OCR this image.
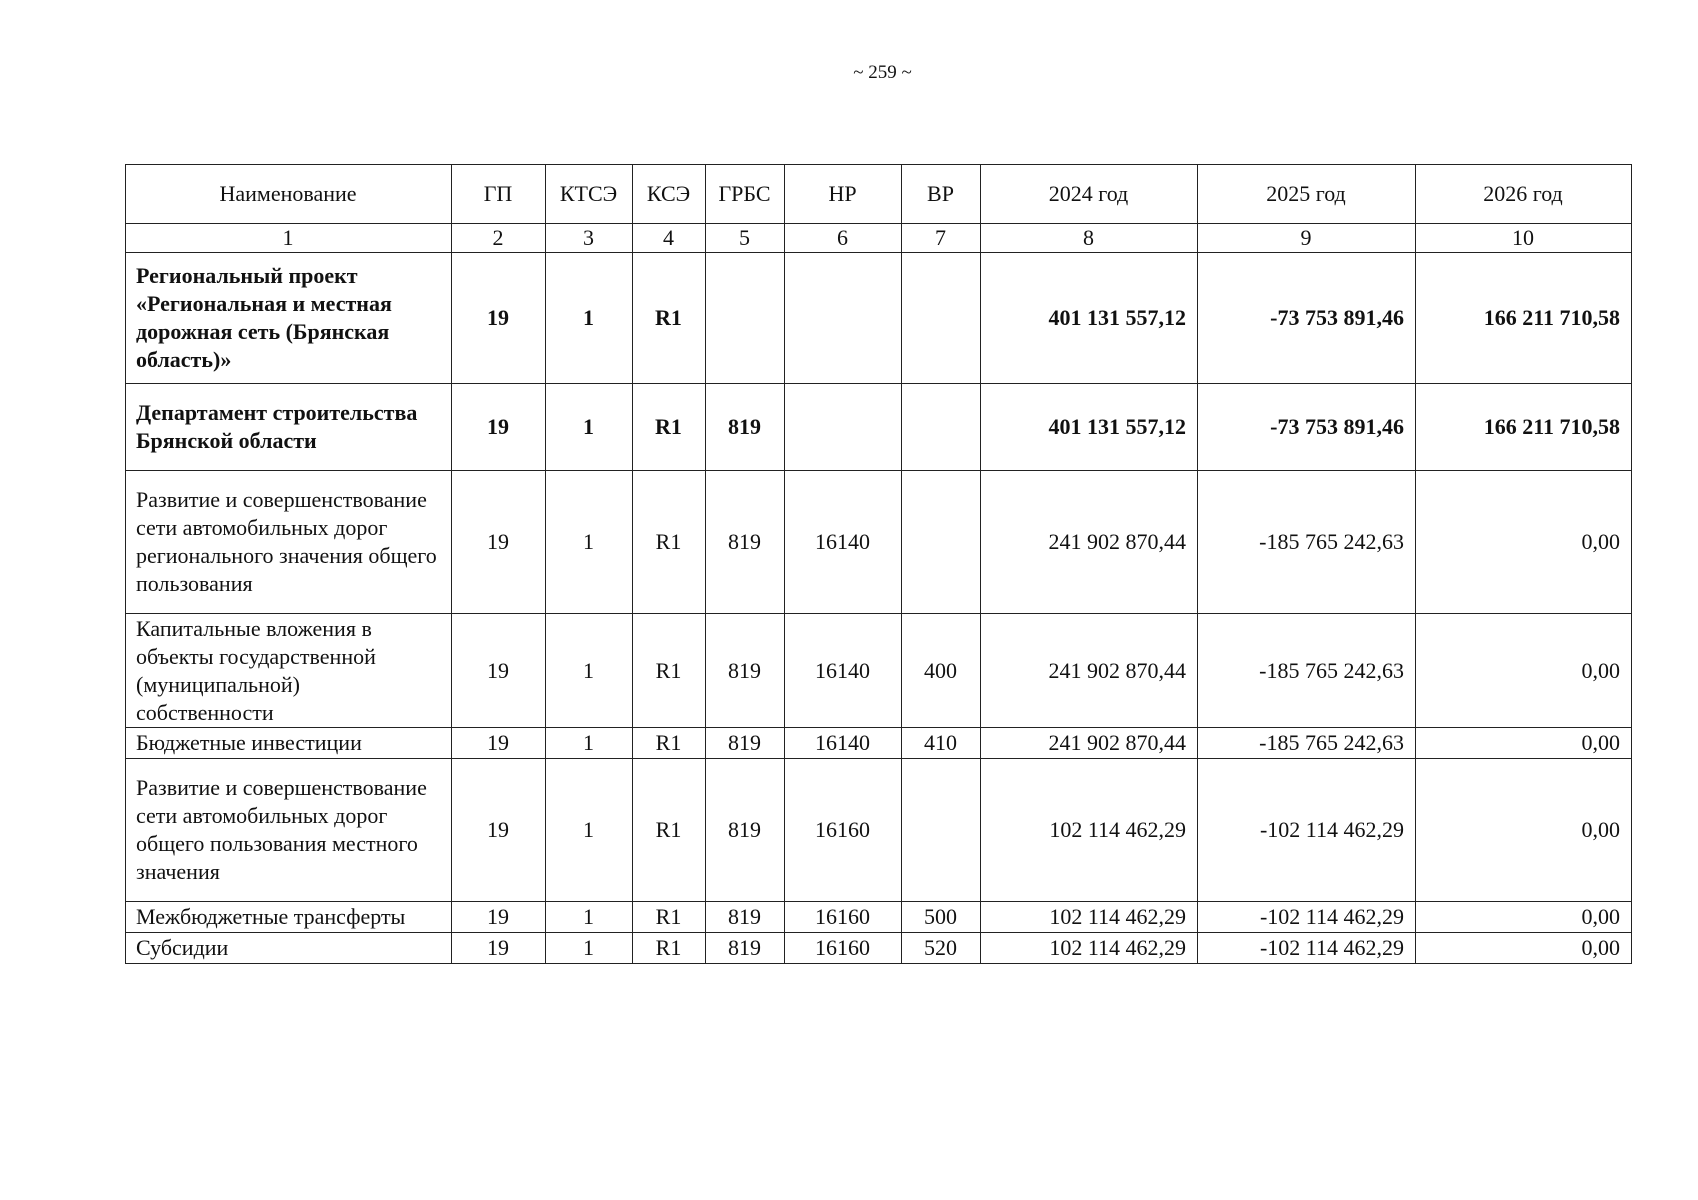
~ 259 ~
Наименование	ГП	КТСЭ	КСЭ	ГРБС	НР	ВР	2024 год	2025 год	2026 год
1	2	3	4	5	6	7	8	9	10
Региональный проект «Региональная и местная дорожная сеть (Брянская область)»	19	1	R1				401 131 557,12	-73 753 891,46	166 211 710,58
Департамент строительства Брянской области	19	1	R1	819			401 131 557,12	-73 753 891,46	166 211 710,58
Развитие и совершенствование сети автомобильных дорог регионального значения общего пользования	19	1	R1	819	16140		241 902 870,44	-185 765 242,63	0,00
Капитальные вложения в объекты государственной (муниципальной) собственности	19	1	R1	819	16140	400	241 902 870,44	-185 765 242,63	0,00
Бюджетные инвестиции	19	1	R1	819	16140	410	241 902 870,44	-185 765 242,63	0,00
Развитие и совершенствование сети автомобильных дорог общего пользования местного значения	19	1	R1	819	16160		102 114 462,29	-102 114 462,29	0,00
Межбюджетные трансферты	19	1	R1	819	16160	500	102 114 462,29	-102 114 462,29	0,00
Субсидии	19	1	R1	819	16160	520	102 114 462,29	-102 114 462,29	0,00
